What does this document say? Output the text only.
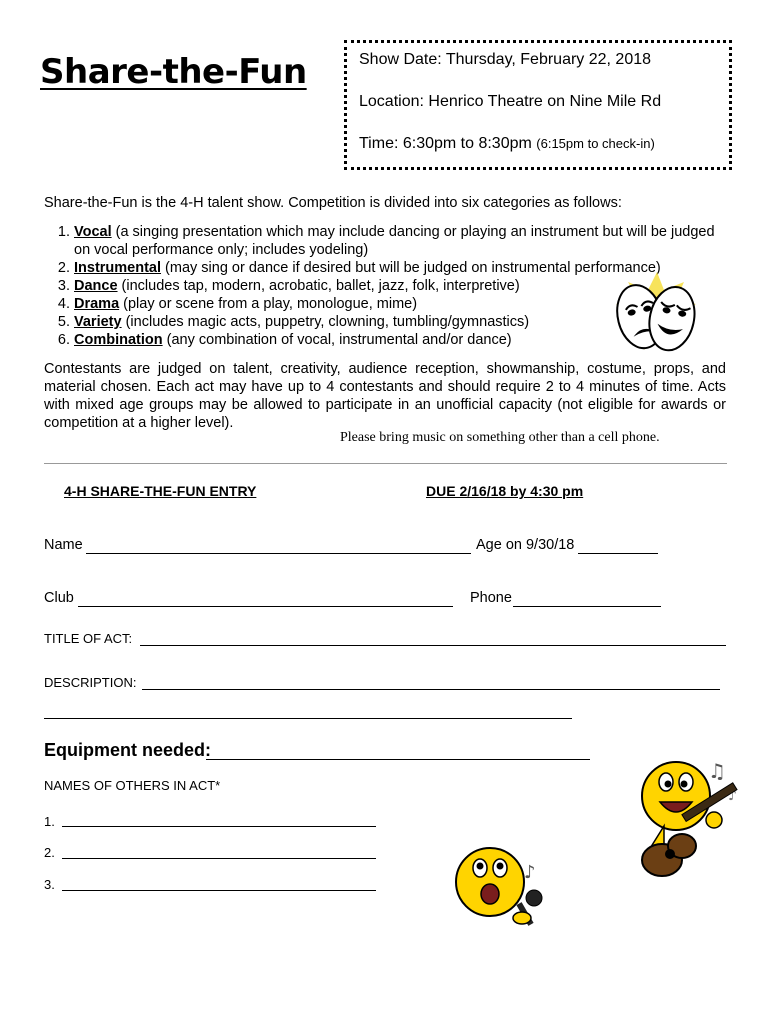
Share-the-Fun	Show Date: Thursday, February 22, 2018
Location: Henrico Theatre on Nine Mile Rd
Time: 6:30pm to 8:30pm (6:15pm to check-in)
Share-the-Fun is the 4-H talent show. Competition is divided into six categories as follows:
1. Vocal (a singing presentation which may include dancing or playing an instrument but will be judged
on vocal performance only; includes yodeling)
2. Instrumental (may sing or dance if desired but will be judged on instrumental performance)
3. Dance (includes tap, modern, acrobatic, ballet, jazz, folk, interpretive)
4. Drama (play or scene from a play, monologue, mime)
5. Variety (includes magic acts, puppetry, clowning, tumbling/gymnastics)
6. Combination (any combination of vocal, instrumental and/or dance)
Contestants are judged on talent, creativity, audience reception, showmanship, costume, props, and material chosen. Each act may have up to 4 contestants and should require 2 to 4 minutes of time. Acts with mixed age groups may be allowed to participate in an unofficial capacity (not eligible for awards or competition at a higher level).
Please bring music on something other than a cell phone.
4-H SHARE-THE-FUN ENTRY	DUE 2/16/18 by 4:30 pm
Name	Age on 9/30/18
Club	Phone
TITLE OF ACT:
DESCRIPTION:
Equipment needed:
NAMES OF OTHERS IN ACT*
1.
2.
3.
♫
♪
♪
